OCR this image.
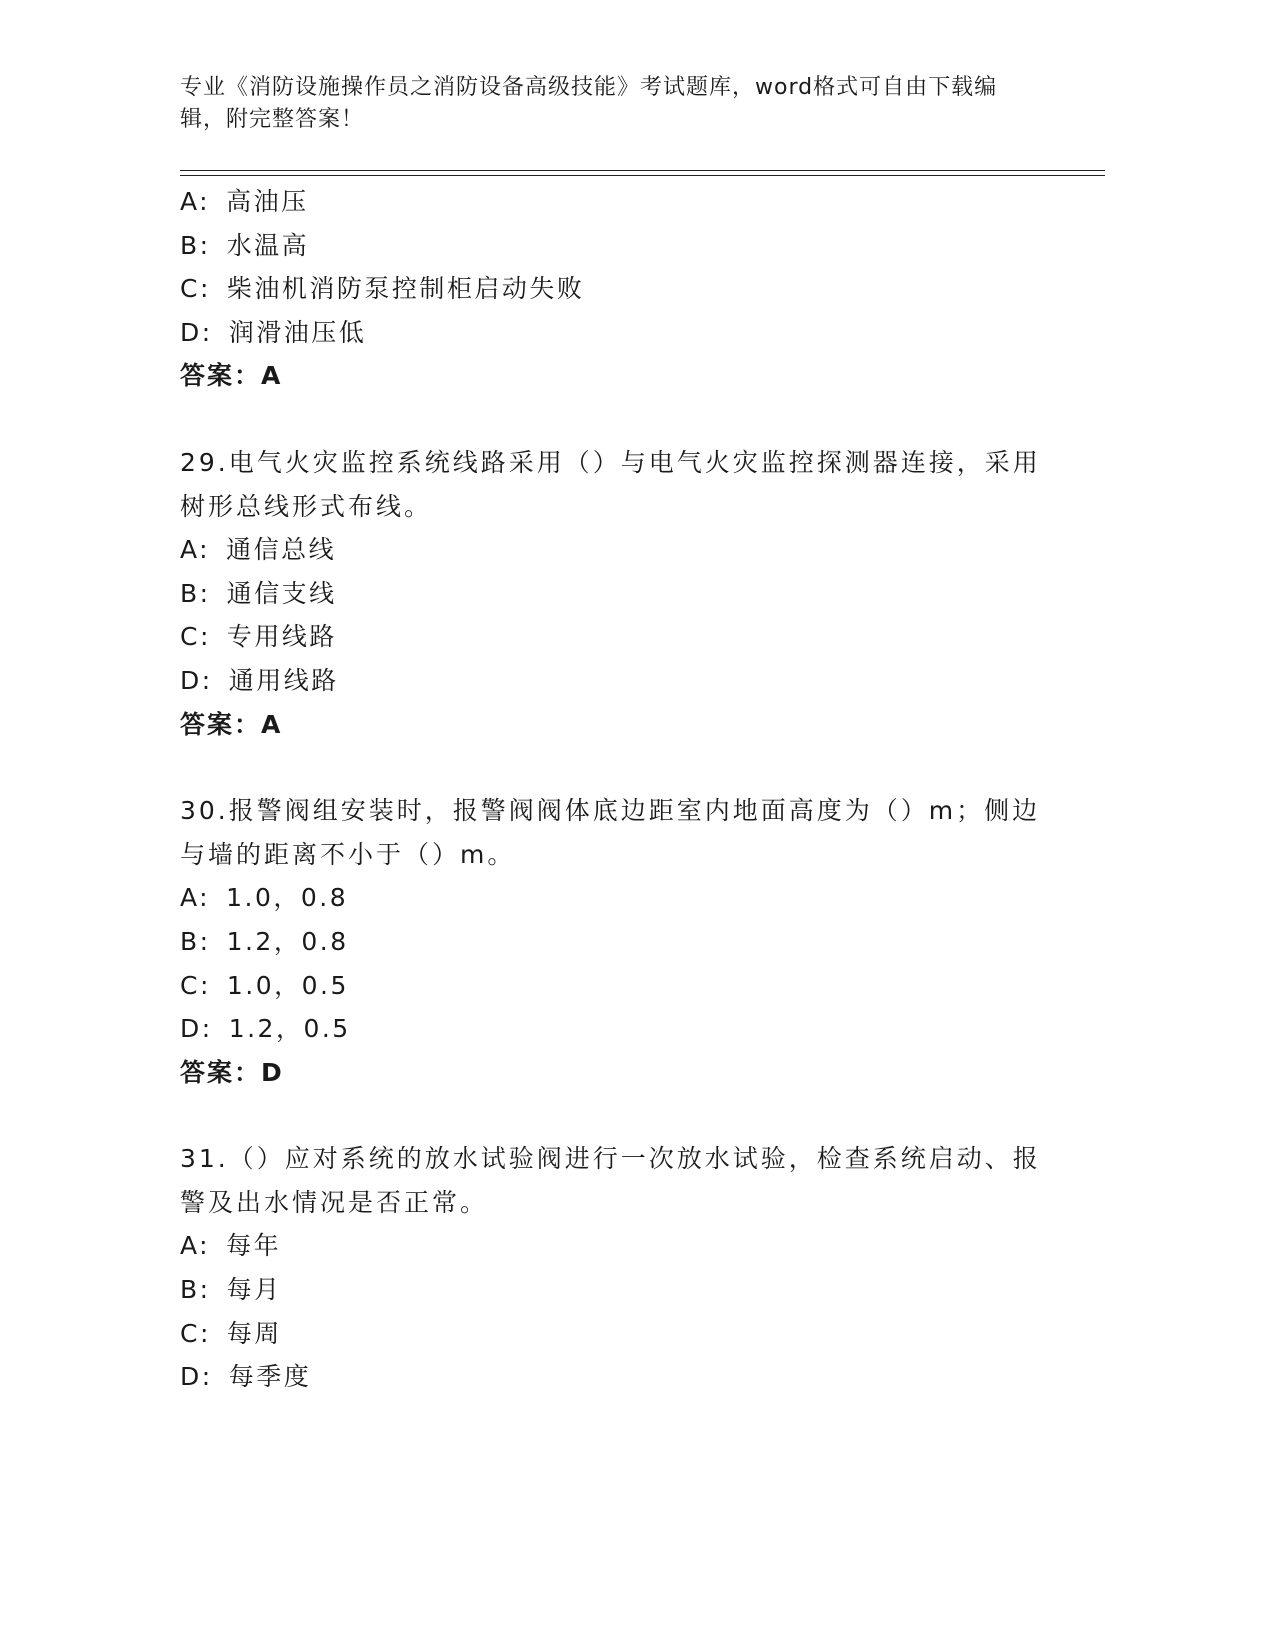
专业《消防设施操作员之消防设备高级技能》考试题库，word格式可自由下载编
辑，附完整答案！
A: 高油压
B: 水温高
C: 柴油机消防泵控制柜启动失败
D: 润滑油压低
答案：A
29.电气火灾监控系统线路采用（）与电气火灾监控探测器连接，采用
树形总线形式布线。
A: 通信总线
B: 通信支线
C: 专用线路
D: 通用线路
答案：A
30.报警阀组安装时，报警阀阀体底边距室内地面高度为（）m；侧边
与墙的距离不小于（）m。
A: 1.0，0.8
B: 1.2，0.8
C: 1.0，0.5
D: 1.2，0.5
答案：D
31.（）应对系统的放水试验阀进行一次放水试验，检查系统启动、报
警及出水情况是否正常。
A: 每年
B: 每月
C: 每周
D: 每季度
